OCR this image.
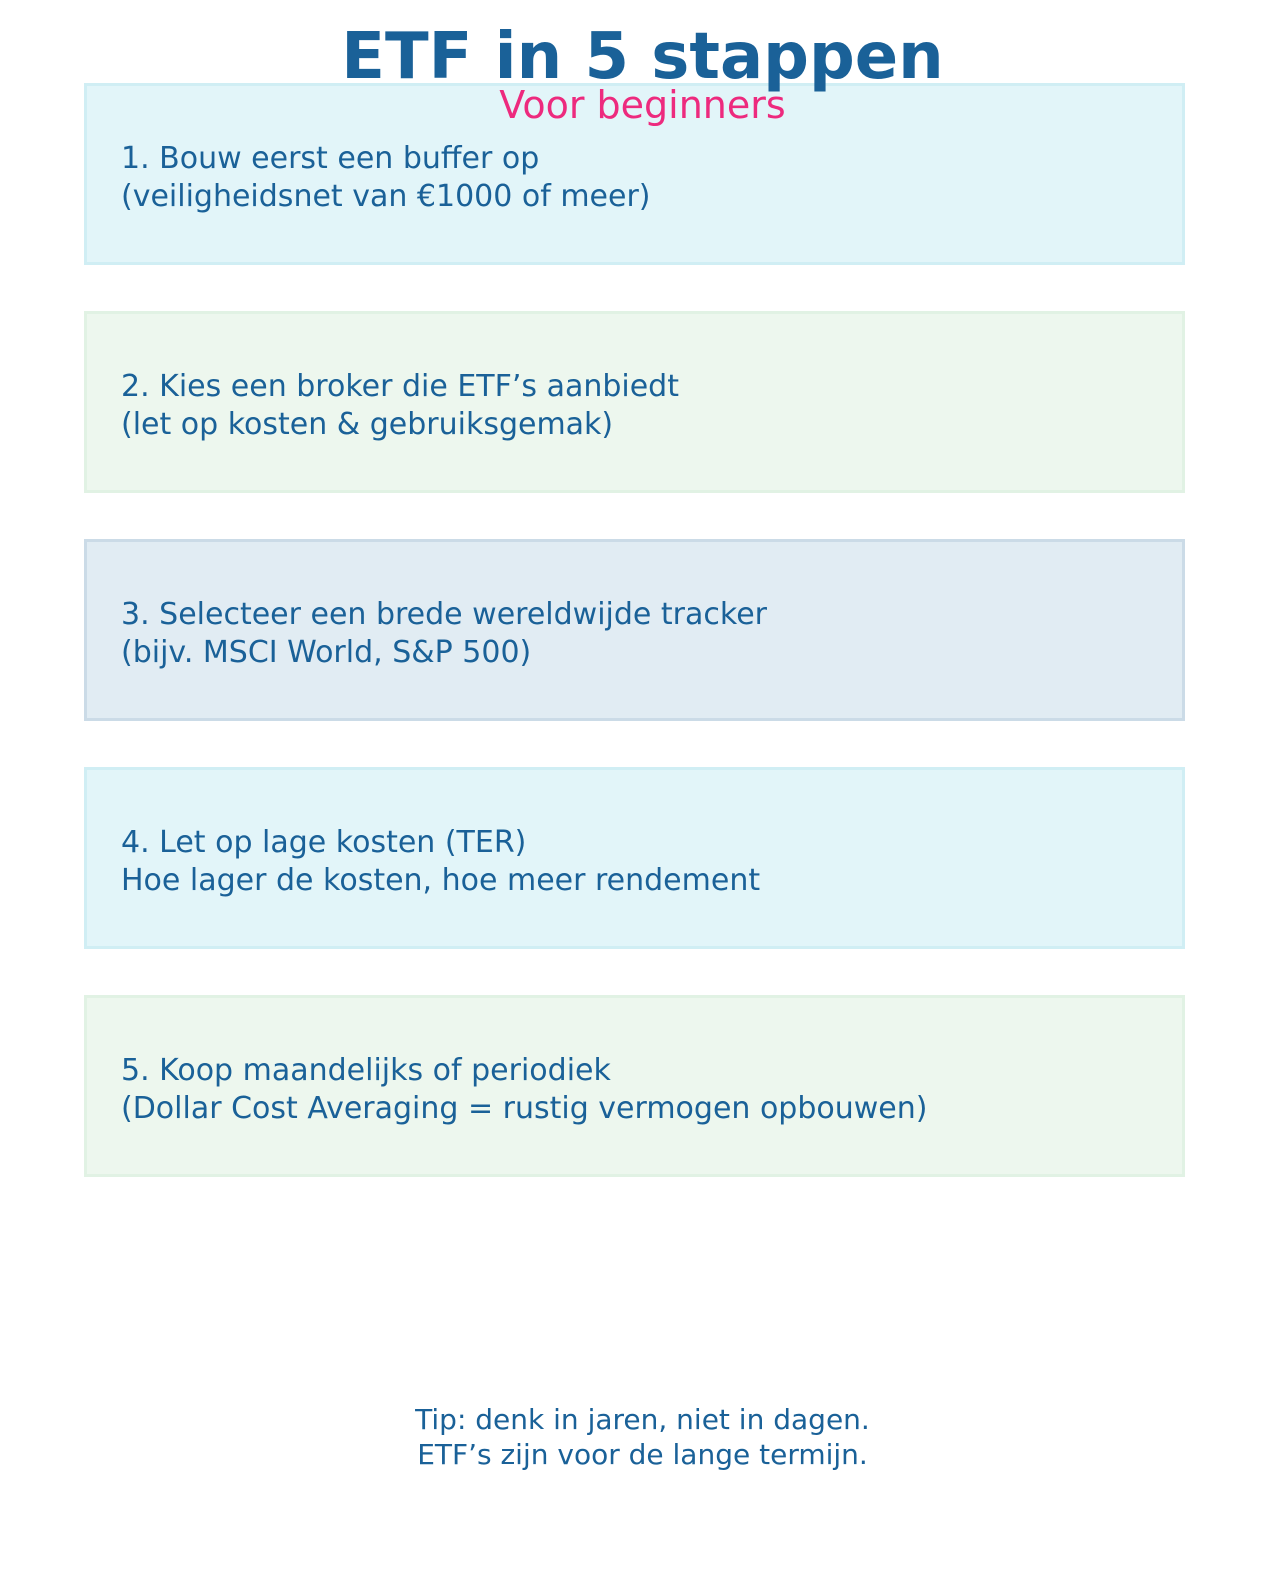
ETF in 5 stappen
Voor beginners
1. Bouw eerst een buffer op
(veiligheidsnet van €1000 of meer)
2. Kies een broker die ETF’s aanbiedt
(let op kosten & gebruiksgemak)
3. Selecteer een brede wereldwijde tracker
(bijv. MSCI World, S&P 500)
4. Let op lage kosten (TER)
Hoe lager de kosten, hoe meer rendement
5. Koop maandelijks of periodiek
(Dollar Cost Averaging = rustig vermogen opbouwen)
Tip: denk in jaren, niet in dagen.
ETF’s zijn voor de lange termijn.
